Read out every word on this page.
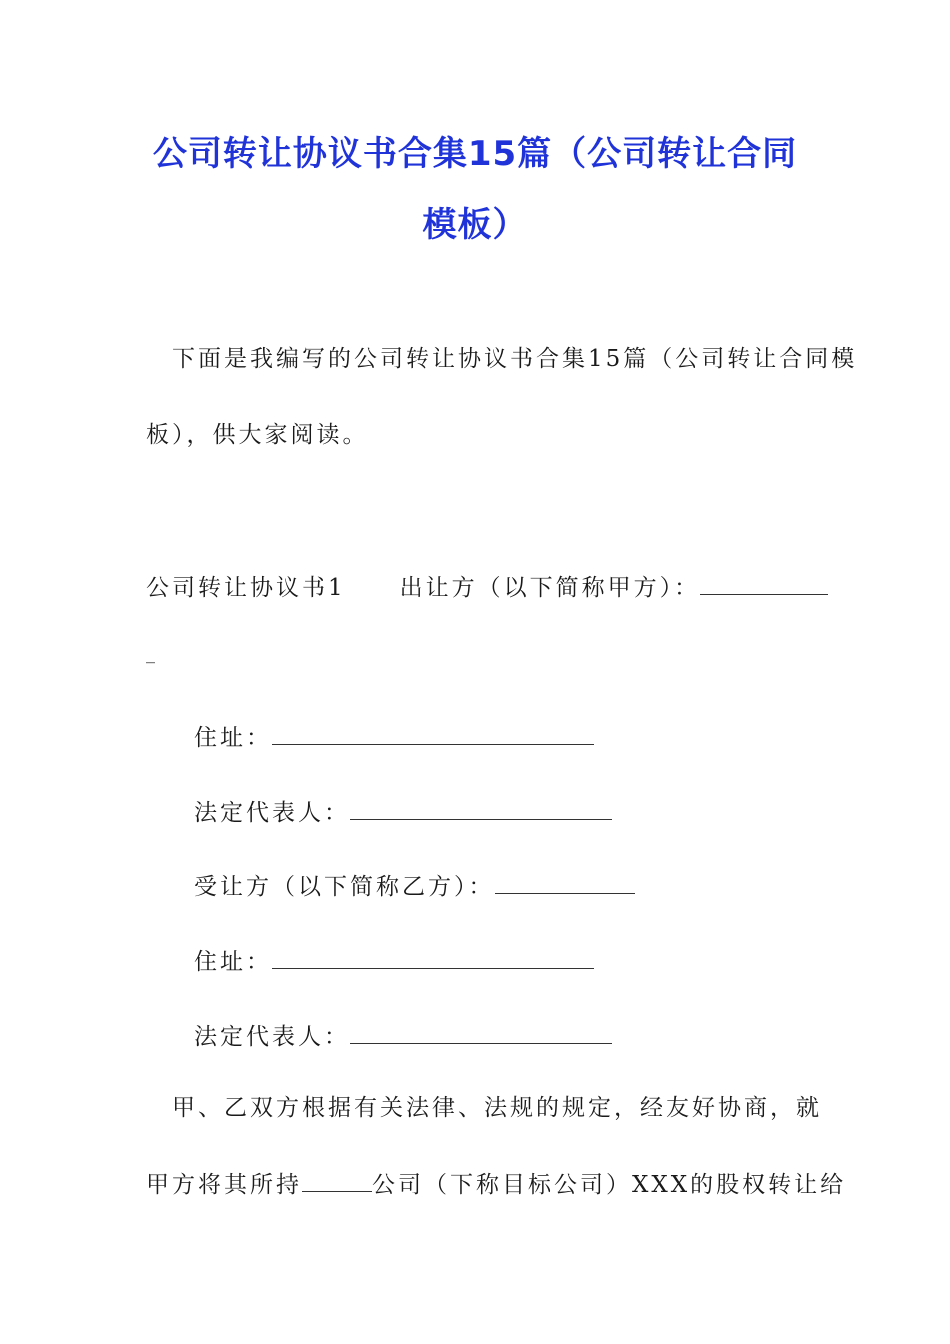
公司转让协议书合集15篇（公司转让合同
模板）

　下面是我编写的公司转让协议书合集15篇（公司转让合同模

板），供大家阅读。

公司转让协议书1 出让方（以下简称甲方）：

_

住址：

法定代表人：

受让方（以下简称乙方）：

住址：

法定代表人：

　甲、乙双方根据有关法律、法规的规定，经友好协商，就

甲方将其所持	公司（下称目标公司）XXX的股权转让给
